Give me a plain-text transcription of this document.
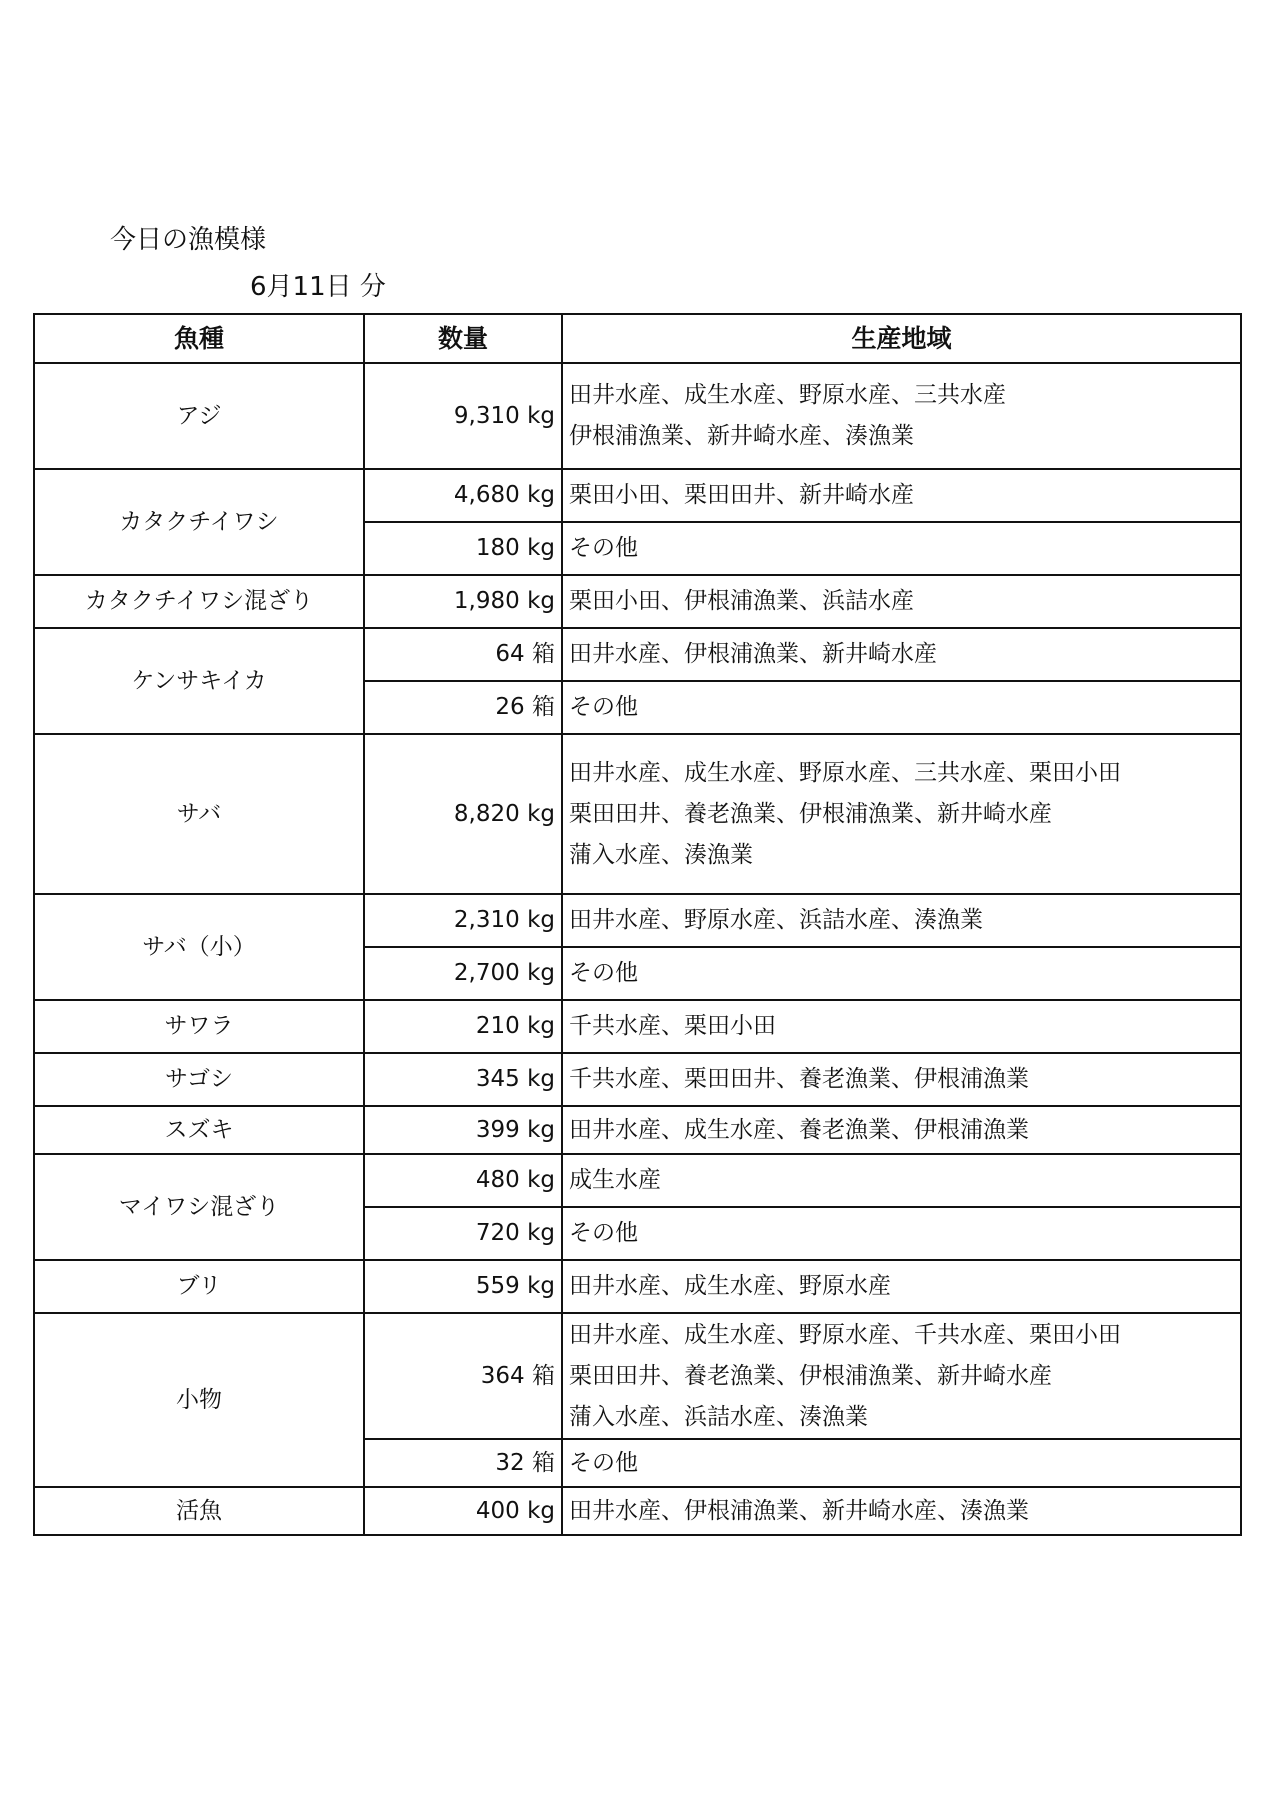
今日の漁模様
6月11日 分
魚種	数量	生産地域
アジ	9,310 kg	田井水産、成生水産、野原水産、三共水産
伊根浦漁業、新井崎水産、湊漁業

カタクチイワシ	4,680 kg	栗田小田、栗田田井、新井崎水産

	180 kg	その他

カタクチイワシ混ざり	1,980 kg	栗田小田、伊根浦漁業、浜詰水産

ケンサキイカ	64 箱	田井水産、伊根浦漁業、新井崎水産

	26 箱	その他

サバ	8,820 kg	田井水産、成生水産、野原水産、三共水産、栗田小田
栗田田井、養老漁業、伊根浦漁業、新井崎水産
蒲入水産、湊漁業

サバ（小）	2,310 kg	田井水産、野原水産、浜詰水産、湊漁業

	2,700 kg	その他

サワラ	210 kg	千共水産、栗田小田

サゴシ	345 kg	千共水産、栗田田井、養老漁業、伊根浦漁業

スズキ	399 kg	田井水産、成生水産、養老漁業、伊根浦漁業

マイワシ混ざり	480 kg	成生水産

	720 kg	その他

ブリ	559 kg	田井水産、成生水産、野原水産

小物	364 箱	田井水産、成生水産、野原水産、千共水産、栗田小田
栗田田井、養老漁業、伊根浦漁業、新井崎水産
蒲入水産、浜詰水産、湊漁業

	32 箱	その他

活魚	400 kg	田井水産、伊根浦漁業、新井崎水産、湊漁業
